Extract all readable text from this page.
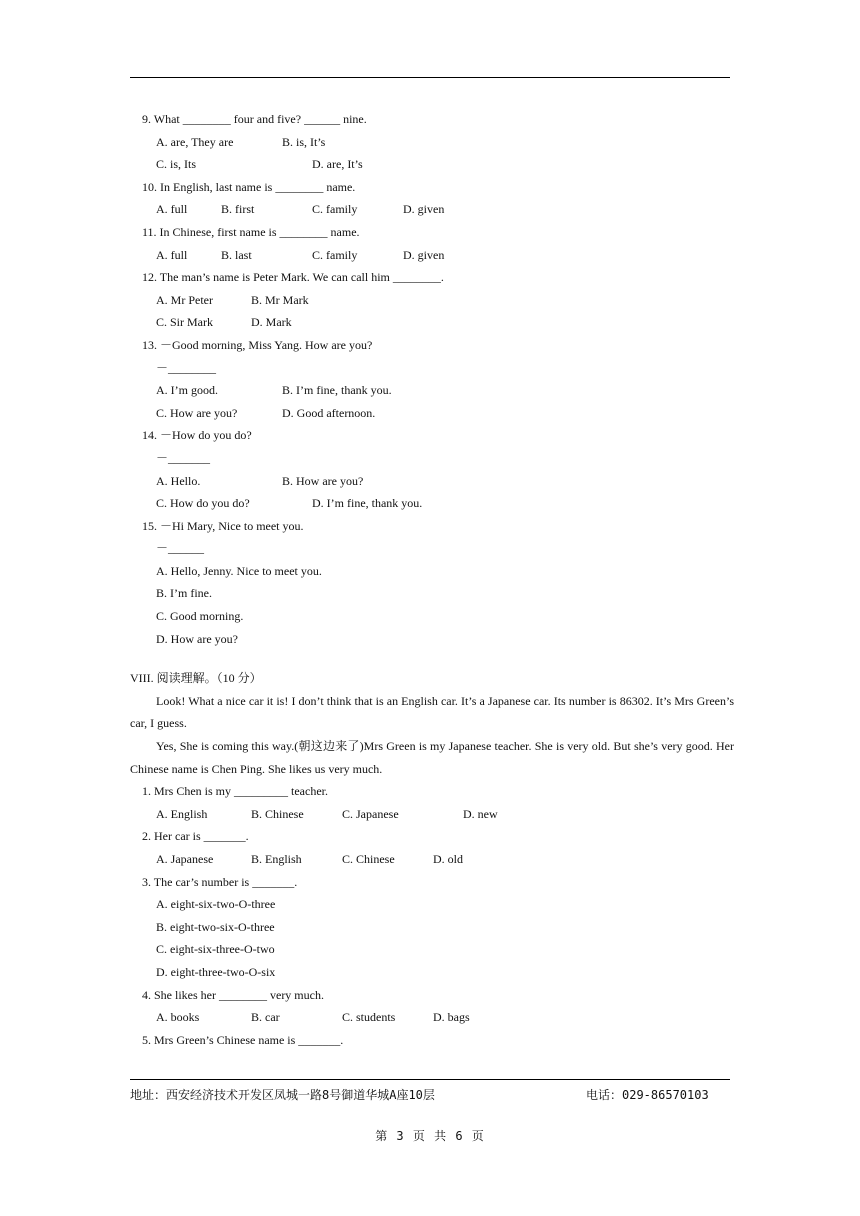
9. What ________ four and five? ______ nine.
A. are, They are	B. is, It’s
C. is, Its	D. are, It’s
10. In English, last name is ________ name.
A. full	B. first	C. family	D. given
11. In Chinese, first name is ________ name.
A. full	B. last	C. family	D. given
12. The man’s name is Peter Mark. We can call him ________.
A. Mr Peter	B. Mr Mark
C. Sir Mark	D. Mark
13. －Good morning, Miss Yang. How are you?
－________
A. I’m good.	B. I’m fine, thank you.
C. How are you?	D. Good afternoon.
14. －How do you do?
－_______
A. Hello.	B. How are you?
C. How do you do?	D. I’m fine, thank you.
15. －Hi Mary, Nice to meet you.
－______
A. Hello, Jenny. Nice to meet you.
B. I’m fine.
C. Good morning.
D. How are you?
VIII. 阅读理解。（10 分）
Look! What a nice car it is! I don’t think that is an English car. It’s a Japanese car. Its number is 86302. It’s Mrs Green’s car, I guess.
Yes, She is coming this way.(朝这边来了)Mrs Green is my Japanese teacher. She is very old. But she’s very good. Her Chinese name is Chen Ping. She likes us very much.
1. Mrs Chen is my _________ teacher.
A. English	B. Chinese	C. Japanese	D. new
2. Her car is _______.
A. Japanese	B. English	C. Chinese	D. old
3. The car’s number is _______.
A. eight-six-two-O-three
B. eight-two-six-O-three
C. eight-six-three-O-two
D. eight-three-two-O-six
4. She likes her ________ very much.
A. books	B. car	C. students	D. bags
5. Mrs Green’s Chinese name is _______.
地址：西安经济技术开发区凤城一路8号御道华城A座10层	电话：029-86570103
第 3 页 共 6 页
